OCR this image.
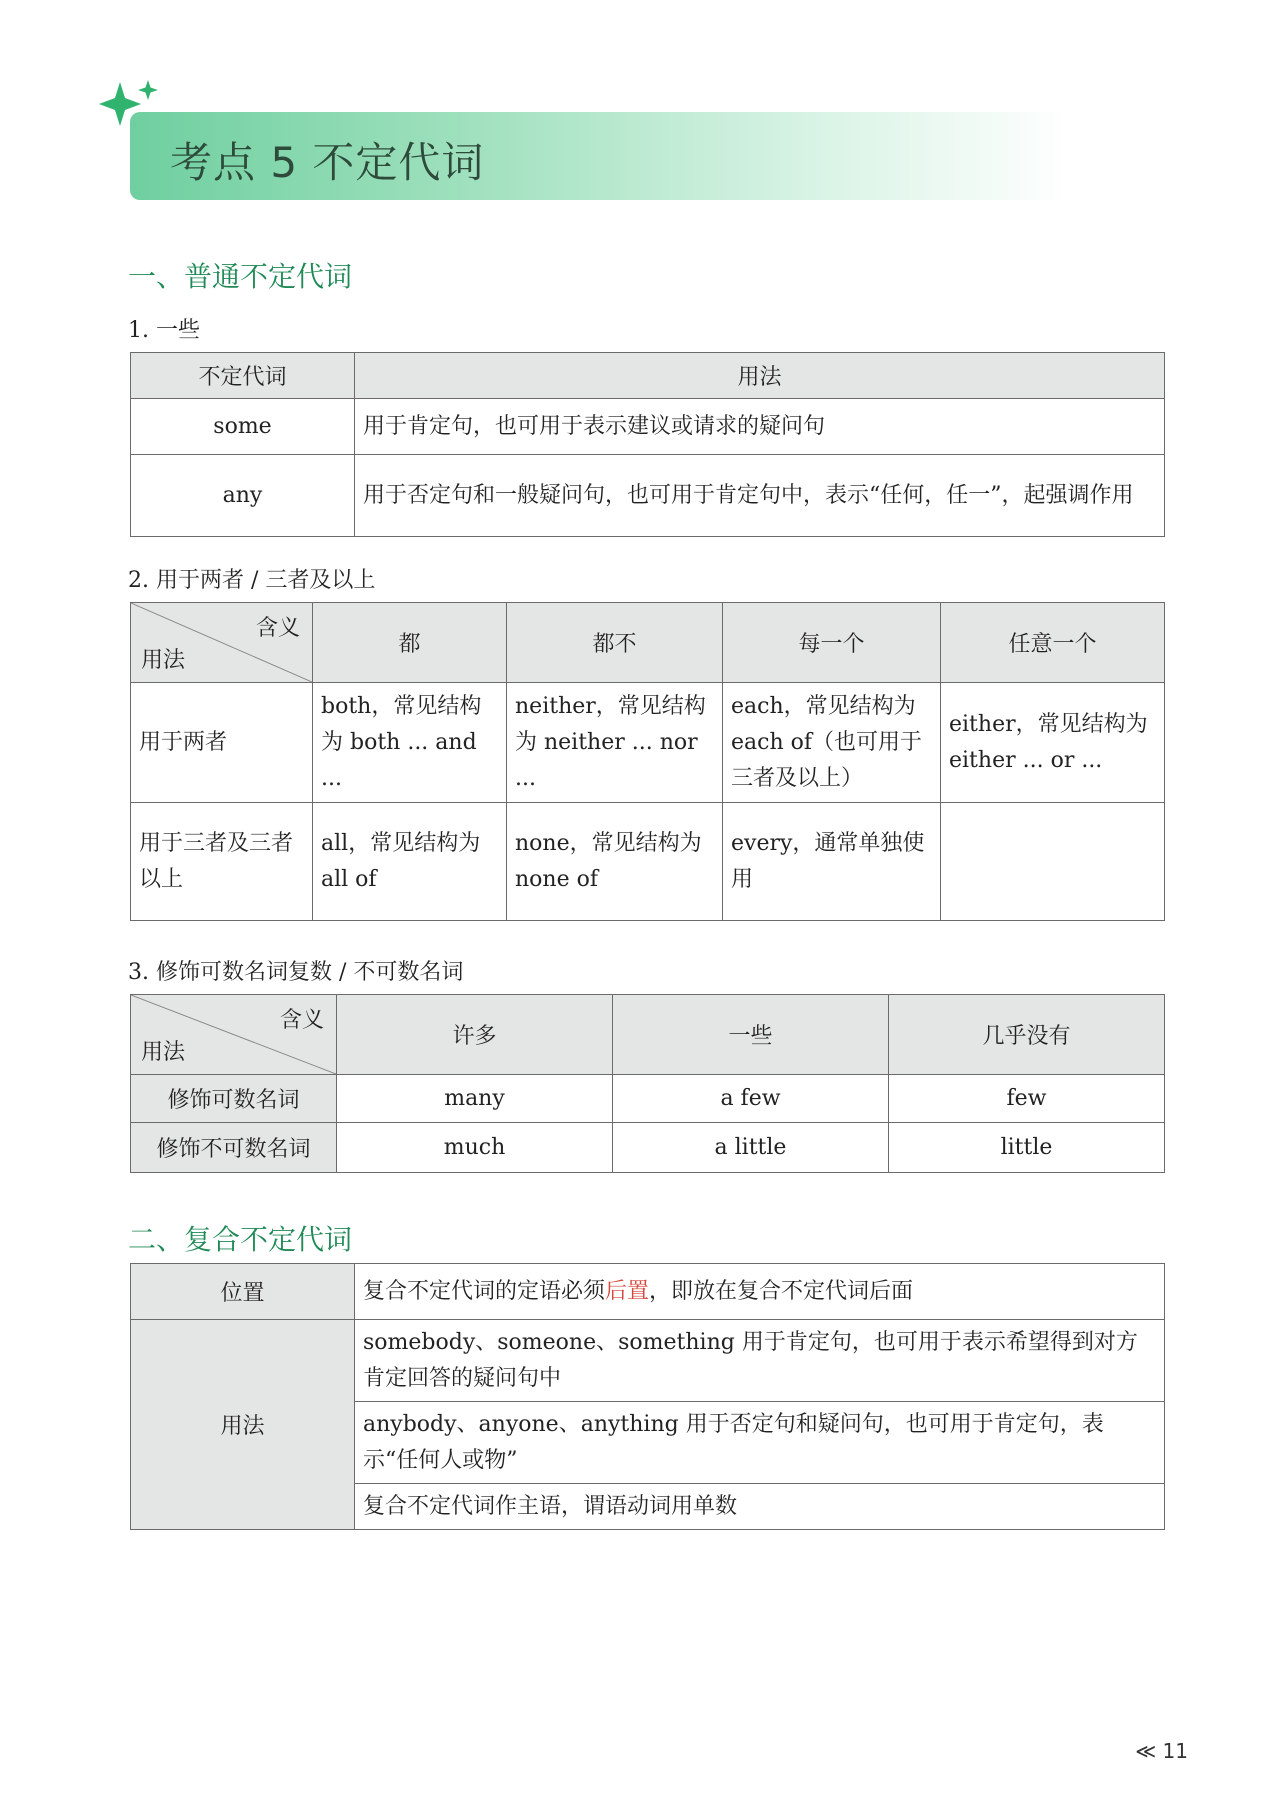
考点 5 不定代词
一、普通不定代词
1. 一些
不定代词	用法
some	用于肯定句，也可用于表示建议或请求的疑问句
any	用于否定句和一般疑问句，也可用于肯定句中，表示“任何，任一”，起强调作用
2. 用于两者 / 三者及以上
含义
用法	都	都不	每一个	任意一个
用于两者	both，常见结构为 both ... and ...	neither，常见结构为 neither ... nor ...	each，常见结构为 each of（也可用于三者及以上）	either，常见结构为 either ... or ...
用于三者及三者以上	all，常见结构为 all of	none，常见结构为 none of	every，通常单独使用	
3. 修饰可数名词复数 / 不可数名词
含义
用法	许多	一些	几乎没有
修饰可数名词	many	a few	few
修饰不可数名词	much	a little	little
二、复合不定代词
位置	复合不定代词的定语必须后置，即放在复合不定代词后面
用法	somebody、someone、something 用于肯定句，也可用于表示希望得到对方肯定回答的疑问句中
	anybody、anyone、anything 用于否定句和疑问句，也可用于肯定句，表示“任何人或物”
	复合不定代词作主语，谓语动词用单数
≪ 11
